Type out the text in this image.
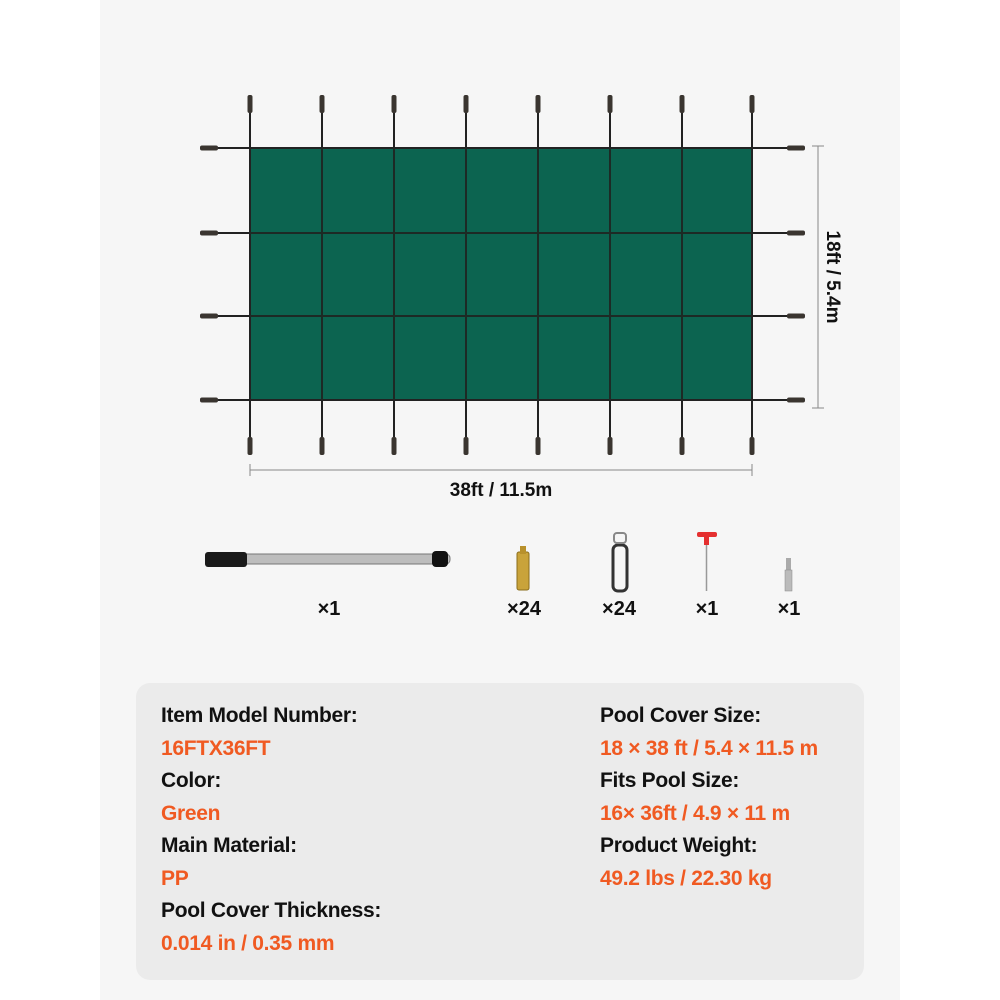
38ft / 11.5m
18ft / 5.4m
×1	×24	×24	×1	×1
Item Model Number:
16FTX36FT
Color:
Green
Main Material:
PP
Pool Cover Thickness:
0.014 in / 0.35 mm
Pool Cover Size:
18 × 38 ft / 5.4 × 11.5 m
Fits Pool Size:
16× 36ft / 4.9 × 11 m
Product Weight:
49.2 lbs / 22.30 kg
